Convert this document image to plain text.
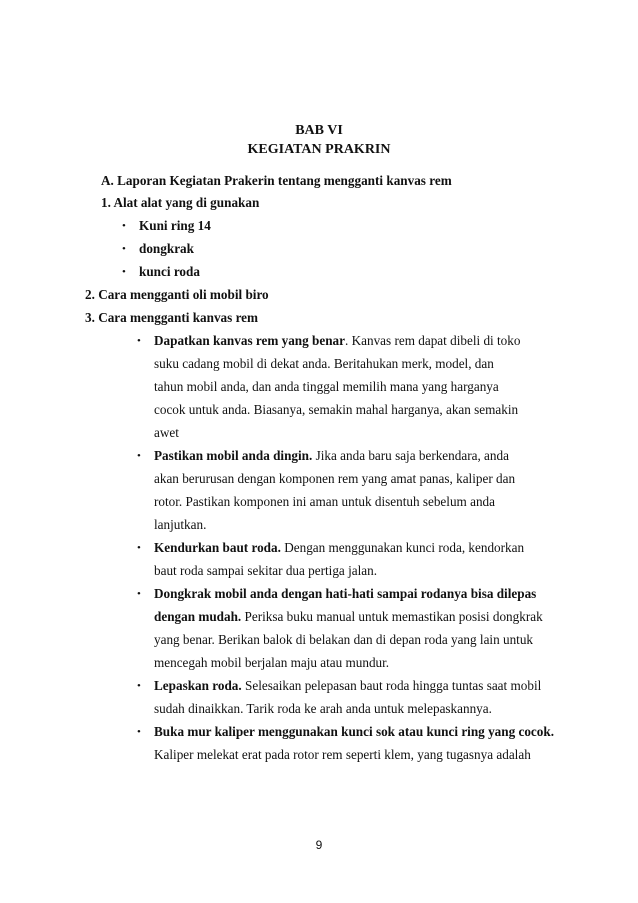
BAB VI
KEGIATAN PRAKRIN
A. Laporan Kegiatan Prakerin tentang mengganti kanvas rem
1. Alat alat yang di gunakan
• Kuni ring 14
• dongkrak
• kunci roda
2. Cara mengganti oli mobil biro
3. Cara mengganti kanvas rem
• Dapatkan kanvas rem yang benar. Kanvas rem dapat dibeli di toko
suku cadang mobil di dekat anda. Beritahukan merk, model, dan
tahun mobil anda, dan anda tinggal memilih mana yang harganya
cocok untuk anda. Biasanya, semakin mahal harganya, akan semakin
awet
• Pastikan mobil anda dingin. Jika anda baru saja berkendara, anda
akan berurusan dengan komponen rem yang amat panas, kaliper dan
rotor. Pastikan komponen ini aman untuk disentuh sebelum anda
lanjutkan.
• Kendurkan baut roda. Dengan menggunakan kunci roda, kendorkan
baut roda sampai sekitar dua pertiga jalan.
• Dongkrak mobil anda dengan hati-hati sampai rodanya bisa dilepas
dengan mudah. Periksa buku manual untuk memastikan posisi dongkrak
yang benar. Berikan balok di belakan dan di depan roda yang lain untuk
mencegah mobil berjalan maju atau mundur.
• Lepaskan roda. Selesaikan pelepasan baut roda hingga tuntas saat mobil
sudah dinaikkan. Tarik roda ke arah anda untuk melepaskannya.
• Buka mur kaliper menggunakan kunci sok atau kunci ring yang cocok.
Kaliper melekat erat pada rotor rem seperti klem, yang tugasnya adalah
9
